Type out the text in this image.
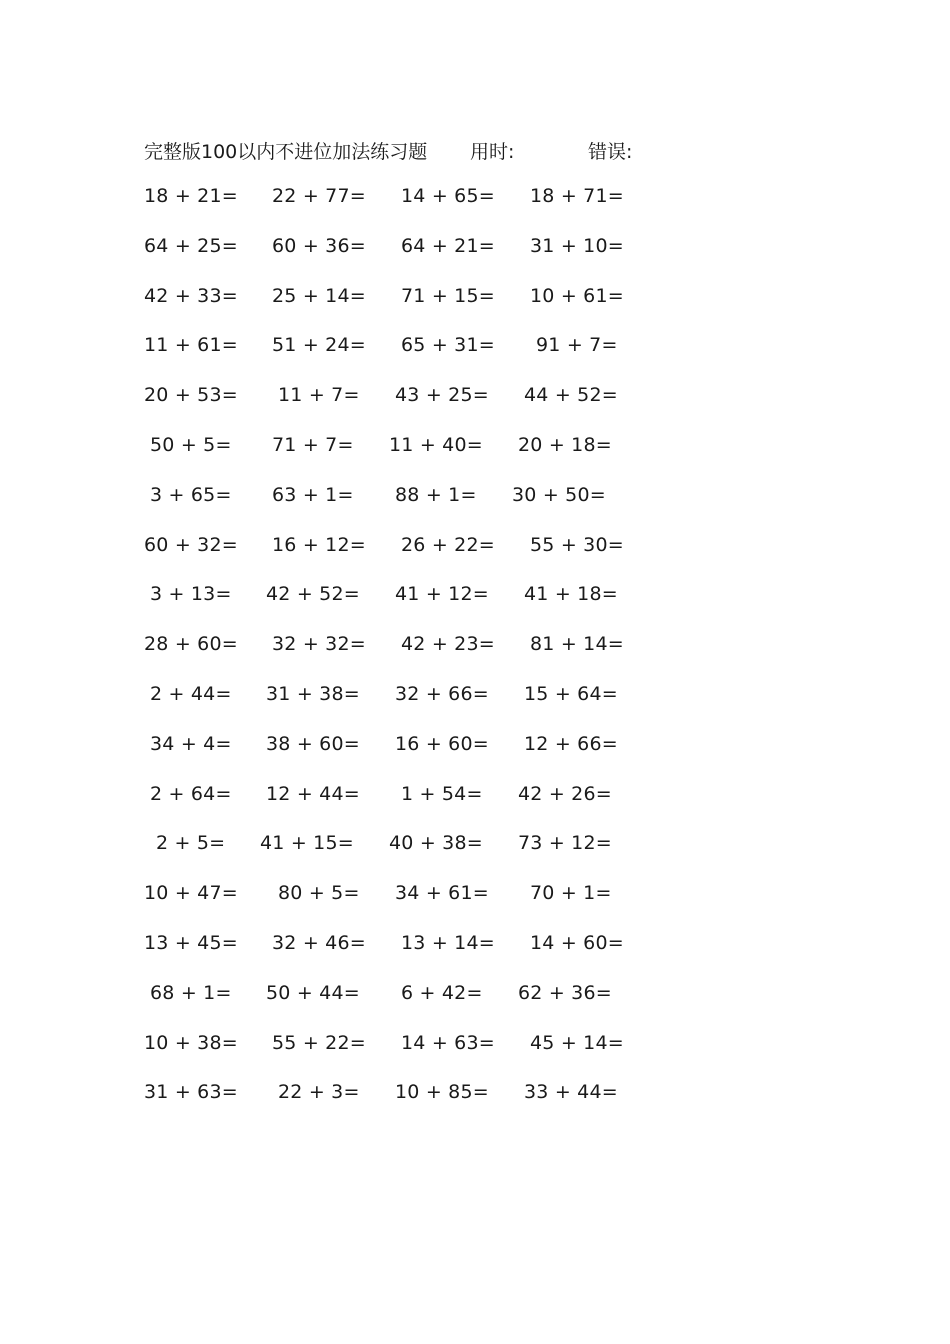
完整版100以内不进位加法练习题 用时:	错误:
18 + 21= 22 + 77= 14 + 65= 18 + 71=
64 + 25= 60 + 36= 64 + 21= 31 + 10=
42 + 33= 25 + 14= 71 + 15= 10 + 61=
11 + 61= 51 + 24= 65 + 31= 91 + 7=
20 + 53= 11 + 7= 43 + 25= 44 + 52=
50 + 5= 71 + 7= 11 + 40= 20 + 18=
3 + 65= 63 + 1= 88 + 1= 30 + 50=
60 + 32= 16 + 12= 26 + 22= 55 + 30=
3 + 13= 42 + 52= 41 + 12= 41 + 18=
28 + 60= 32 + 32= 42 + 23= 81 + 14=
2 + 44= 31 + 38= 32 + 66= 15 + 64=
34 + 4= 38 + 60= 16 + 60= 12 + 66=
2 + 64= 12 + 44= 1 + 54= 42 + 26=
2 + 5= 41 + 15= 40 + 38= 73 + 12=
10 + 47= 80 + 5= 34 + 61= 70 + 1=
13 + 45= 32 + 46= 13 + 14= 14 + 60=
68 + 1= 50 + 44= 6 + 42= 62 + 36=
10 + 38= 55 + 22= 14 + 63= 45 + 14=
31 + 63= 22 + 3= 10 + 85= 33 + 44=
